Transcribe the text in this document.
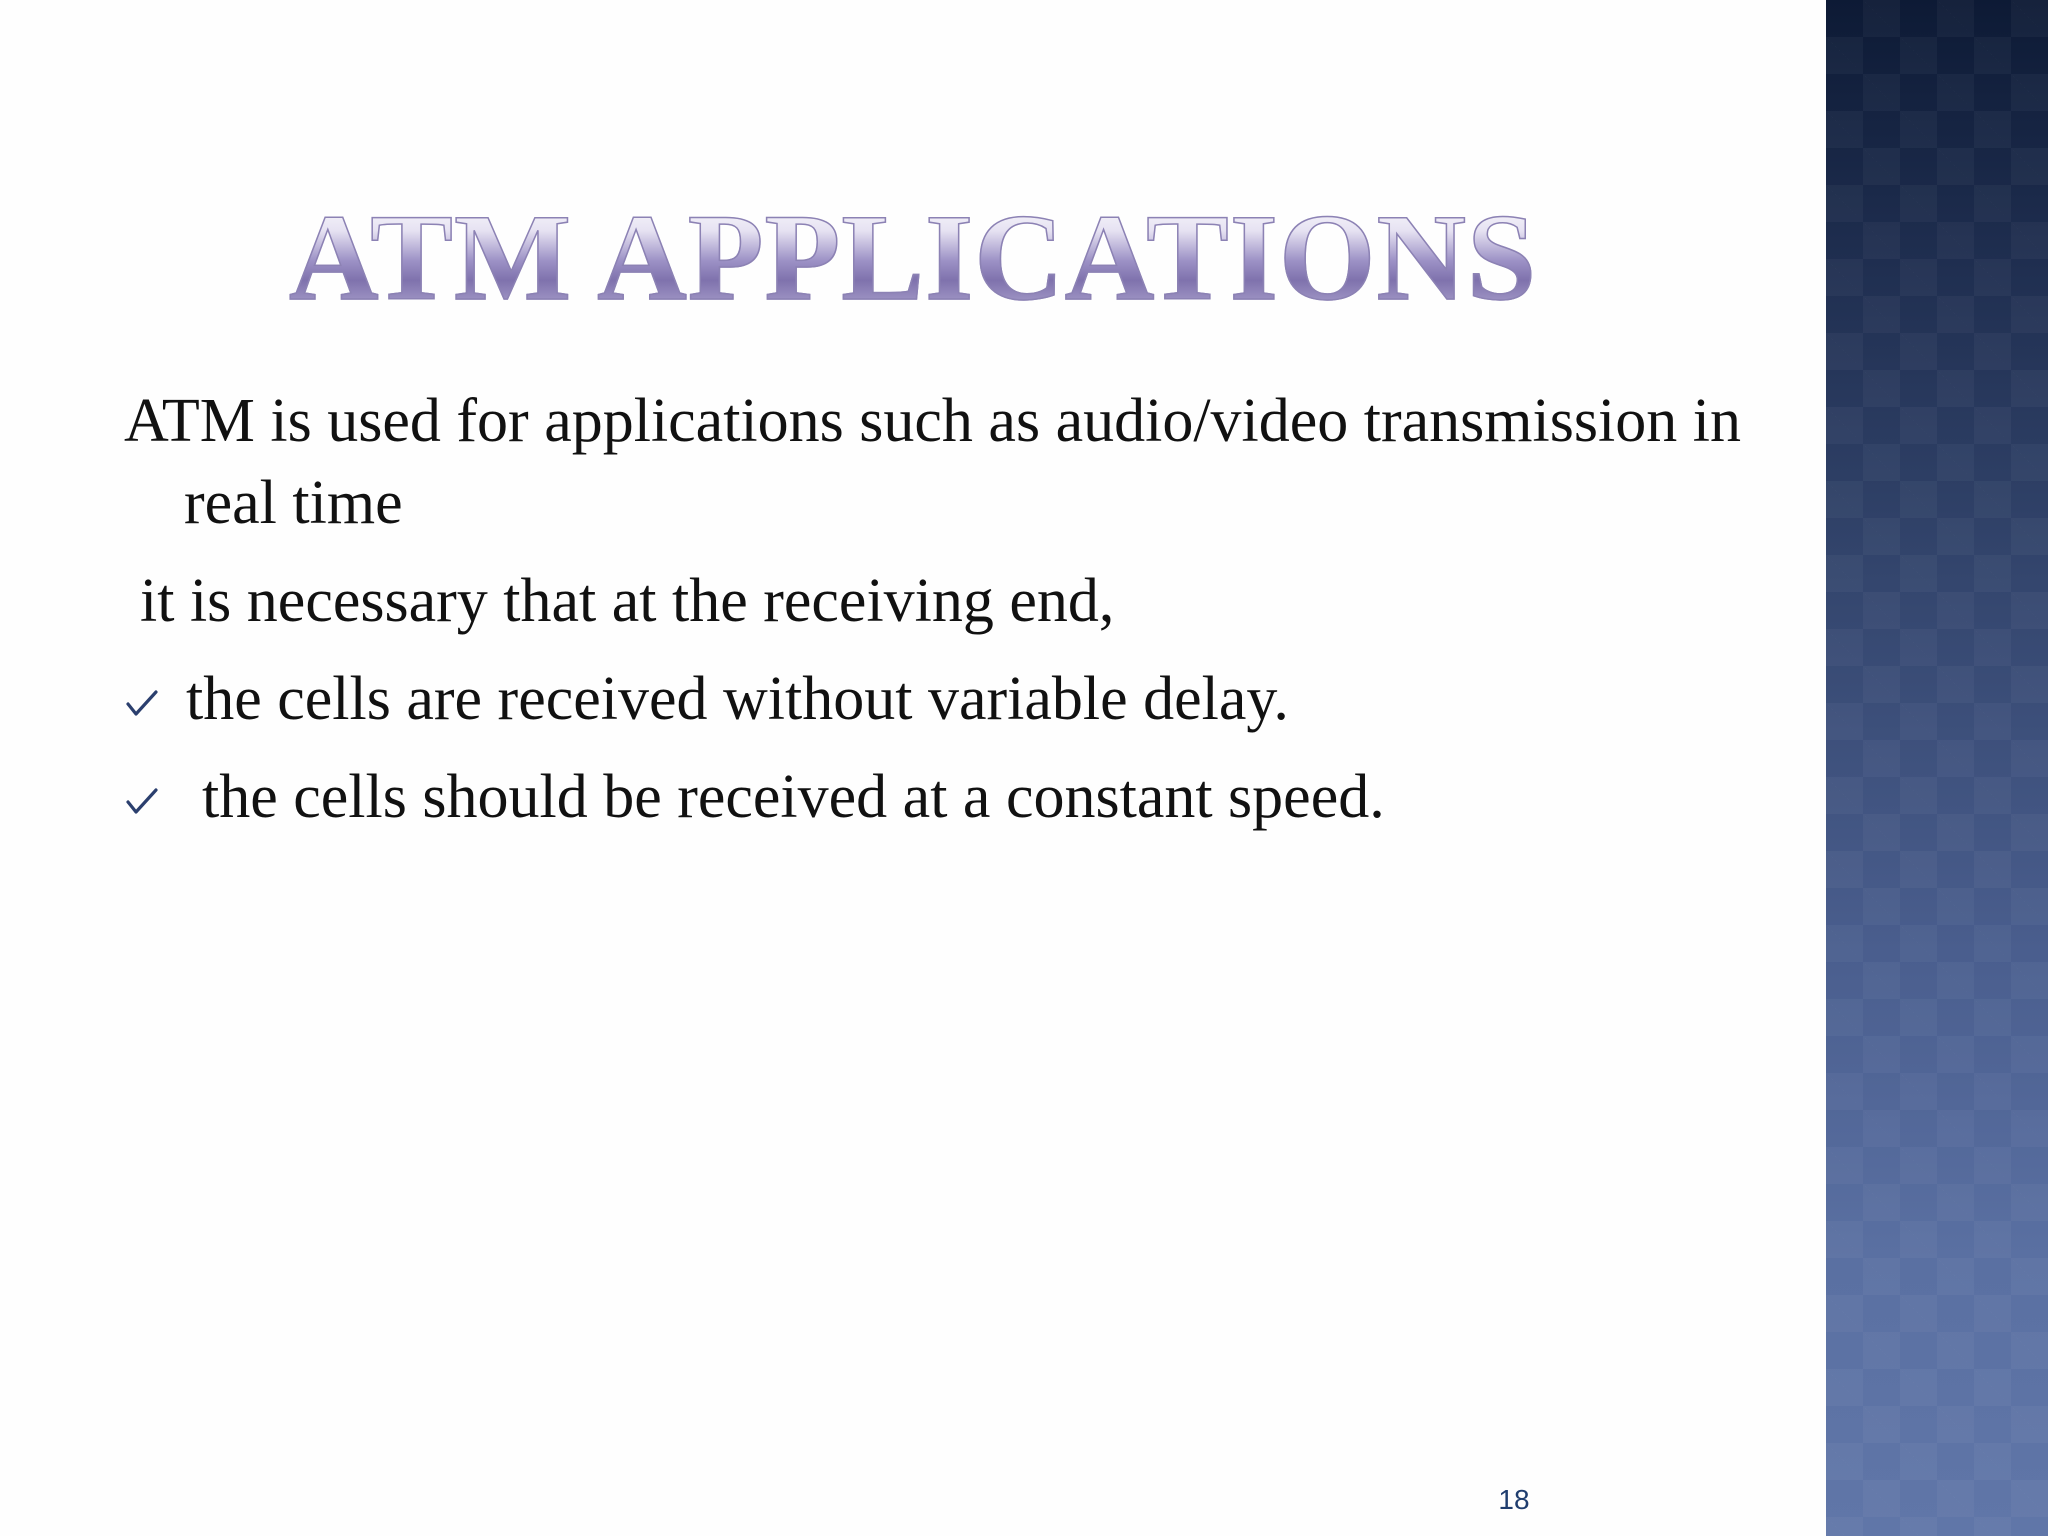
ATM APPLICATIONS

ATM is used for applications such as audio/video transmission in real time

it is necessary that at the receiving end,

the cells are received without variable delay.
the cells should be received at a constant speed.
18
